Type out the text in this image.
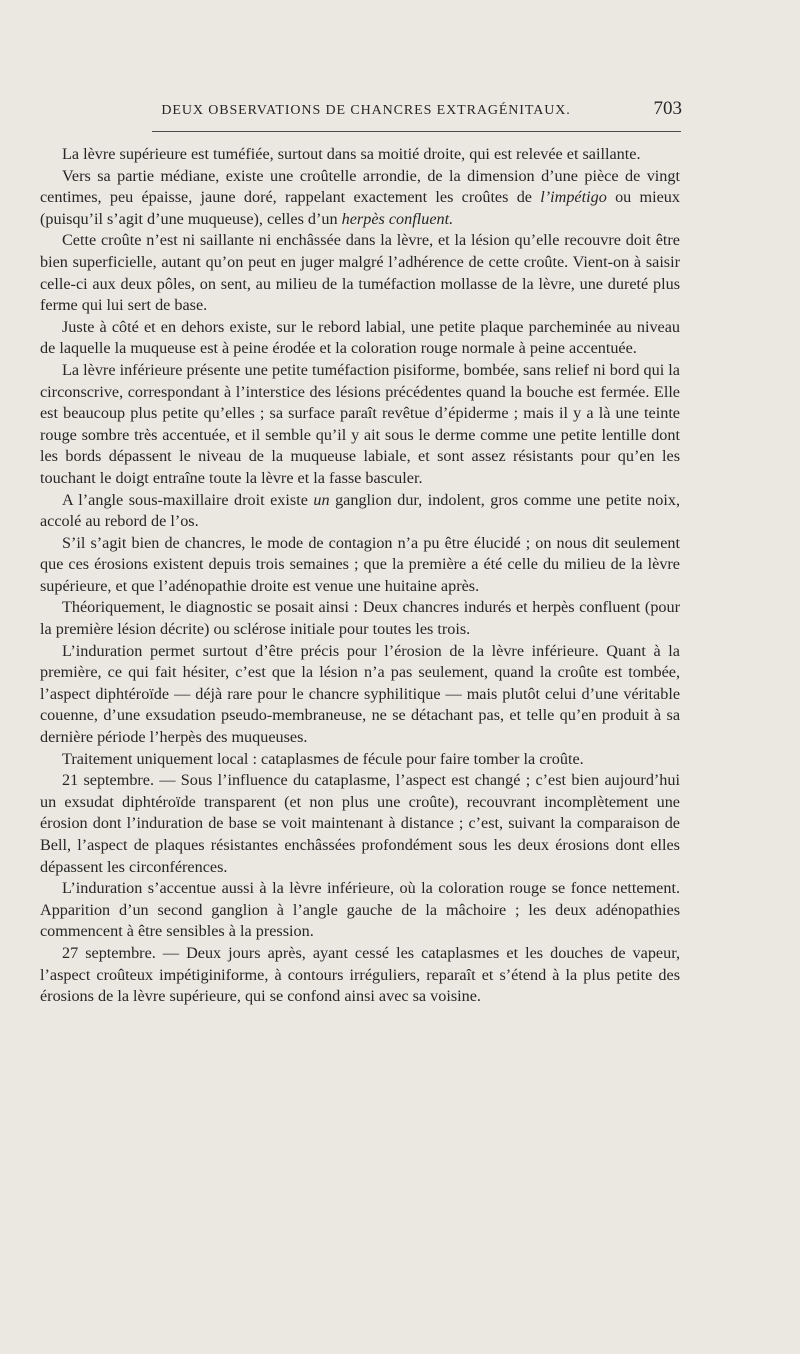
DEUX OBSERVATIONS DE CHANCRES EXTRAGÉNITAUX.	703

La lèvre supérieure est tuméfiée, surtout dans sa moitié droite, qui est relevée et saillante.

Vers sa partie médiane, existe une croûtelle arrondie, de la dimension d’une pièce de vingt centimes, peu épaisse, jaune doré, rappelant exactement les croûtes de l’impétigo ou mieux (puisqu’il s’agit d’une muqueuse), celles d’un herpès confluent.

Cette croûte n’est ni saillante ni enchâssée dans la lèvre, et la lésion qu’elle recouvre doit être bien superficielle, autant qu’on peut en juger malgré l’adhérence de cette croûte. Vient-on à saisir celle-ci aux deux pôles, on sent, au milieu de la tuméfaction mollasse de la lèvre, une dureté plus ferme qui lui sert de base.

Juste à côté et en dehors existe, sur le rebord labial, une petite plaque parcheminée au niveau de laquelle la muqueuse est à peine érodée et la coloration rouge normale à peine accentuée.

La lèvre inférieure présente une petite tuméfaction pisiforme, bombée, sans relief ni bord qui la circonscrive, correspondant à l’interstice des lésions précédentes quand la bouche est fermée. Elle est beaucoup plus petite qu’elles ; sa surface paraît revêtue d’épiderme ; mais il y a là une teinte rouge sombre très accentuée, et il semble qu’il y ait sous le derme comme une petite lentille dont les bords dépassent le niveau de la muqueuse labiale, et sont assez résistants pour qu’en les touchant le doigt entraîne toute la lèvre et la fasse basculer.

A l’angle sous-maxillaire droit existe un ganglion dur, indolent, gros comme une petite noix, accolé au rebord de l’os.

S’il s’agit bien de chancres, le mode de contagion n’a pu être élucidé ; on nous dit seulement que ces érosions existent depuis trois semaines ; que la première a été celle du milieu de la lèvre supérieure, et que l’adénopathie droite est venue une huitaine après.

Théoriquement, le diagnostic se posait ainsi : Deux chancres indurés et herpès confluent (pour la première lésion décrite) ou sclérose initiale pour toutes les trois.

L’induration permet surtout d’être précis pour l’érosion de la lèvre inférieure. Quant à la première, ce qui fait hésiter, c’est que la lésion n’a pas seulement, quand la croûte est tombée, l’aspect diphtéroïde — déjà rare pour le chancre syphilitique — mais plutôt celui d’une véritable couenne, d’une exsudation pseudo-membraneuse, ne se détachant pas, et telle qu’en produit à sa dernière période l’herpès des muqueuses.

Traitement uniquement local : cataplasmes de fécule pour faire tomber la croûte.

21 septembre. — Sous l’influence du cataplasme, l’aspect est changé ; c’est bien aujourd’hui un exsudat diphtéroïde transparent (et non plus une croûte), recouvrant incomplètement une érosion dont l’induration de base se voit maintenant à distance ; c’est, suivant la comparaison de Bell, l’aspect de plaques résistantes enchâssées profondément sous les deux érosions dont elles dépassent les circonférences.

L’induration s’accentue aussi à la lèvre inférieure, où la coloration rouge se fonce nettement. Apparition d’un second ganglion à l’angle gauche de la mâchoire ; les deux adénopathies commencent à être sensibles à la pression.

27 septembre. — Deux jours après, ayant cessé les cataplasmes et les douches de vapeur, l’aspect croûteux impétiginiforme, à contours irréguliers, reparaît et s’étend à la plus petite des érosions de la lèvre supérieure, qui se confond ainsi avec sa voisine.
